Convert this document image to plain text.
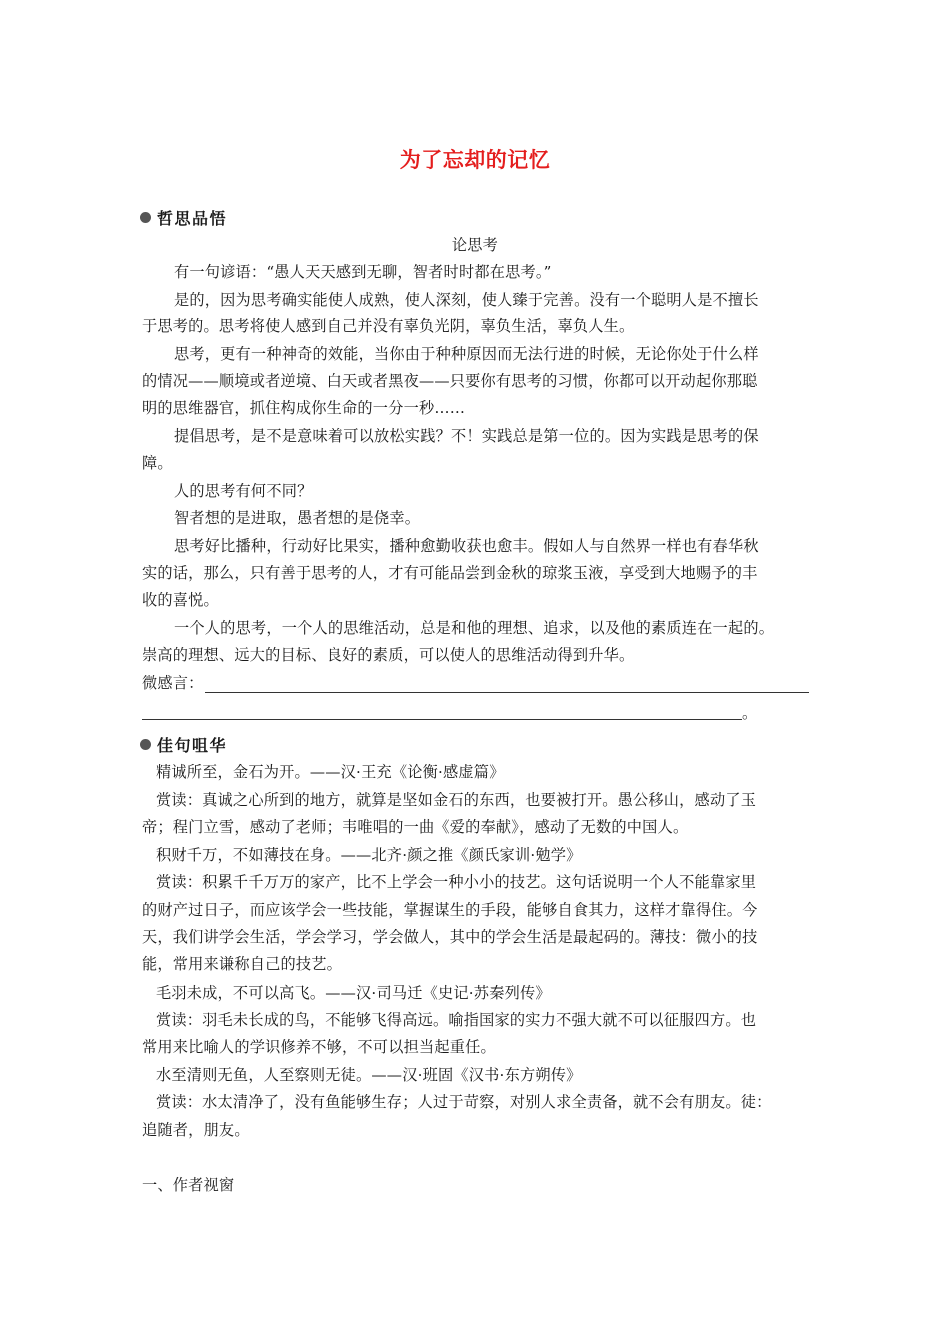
为了忘却的记忆
哲思品悟
论思考
有一句谚语：“愚人天天感到无聊，智者时时都在思考。”
是的，因为思考确实能使人成熟，使人深刻，使人臻于完善。没有一个聪明人是不擅长
于思考的。思考将使人感到自己并没有辜负光阴，辜负生活，辜负人生。
思考，更有一种神奇的效能，当你由于种种原因而无法行进的时候，无论你处于什么样
的情况——顺境或者逆境、白天或者黑夜——只要你有思考的习惯，你都可以开动起你那聪
明的思维器官，抓住构成你生命的一分一秒……
提倡思考，是不是意味着可以放松实践？不！实践总是第一位的。因为实践是思考的保
障。
人的思考有何不同？
智者想的是进取，愚者想的是侥幸。
思考好比播种，行动好比果实，播种愈勤收获也愈丰。假如人与自然界一样也有春华秋
实的话，那么，只有善于思考的人，才有可能品尝到金秋的琼浆玉液，享受到大地赐予的丰
收的喜悦。
一个人的思考，一个人的思维活动，总是和他的理想、追求，以及他的素质连在一起的。
崇高的理想、远大的目标、良好的素质，可以使人的思维活动得到升华。
微感言：
。
佳句咀华
精诚所至，金石为开。——汉·王充《论衡·感虚篇》
赏读：真诚之心所到的地方，就算是坚如金石的东西，也要被打开。愚公移山，感动了玉
帝；程门立雪，感动了老师；韦唯唱的一曲《爱的奉献》，感动了无数的中国人。
积财千万，不如薄技在身。——北齐·颜之推《颜氏家训·勉学》
赏读：积累千千万万的家产，比不上学会一种小小的技艺。这句话说明一个人不能靠家里
的财产过日子，而应该学会一些技能，掌握谋生的手段，能够自食其力，这样才靠得住。今
天，我们讲学会生活，学会学习，学会做人，其中的学会生活是最起码的。薄技：微小的技
能，常用来谦称自己的技艺。
毛羽未成，不可以高飞。——汉·司马迁《史记·苏秦列传》
赏读：羽毛未长成的鸟，不能够飞得高远。喻指国家的实力不强大就不可以征服四方。也
常用来比喻人的学识修养不够，不可以担当起重任。
水至清则无鱼，人至察则无徒。——汉·班固《汉书·东方朔传》
赏读：水太清净了，没有鱼能够生存；人过于苛察，对别人求全责备，就不会有朋友。徒：
追随者，朋友。
一、作者视窗
